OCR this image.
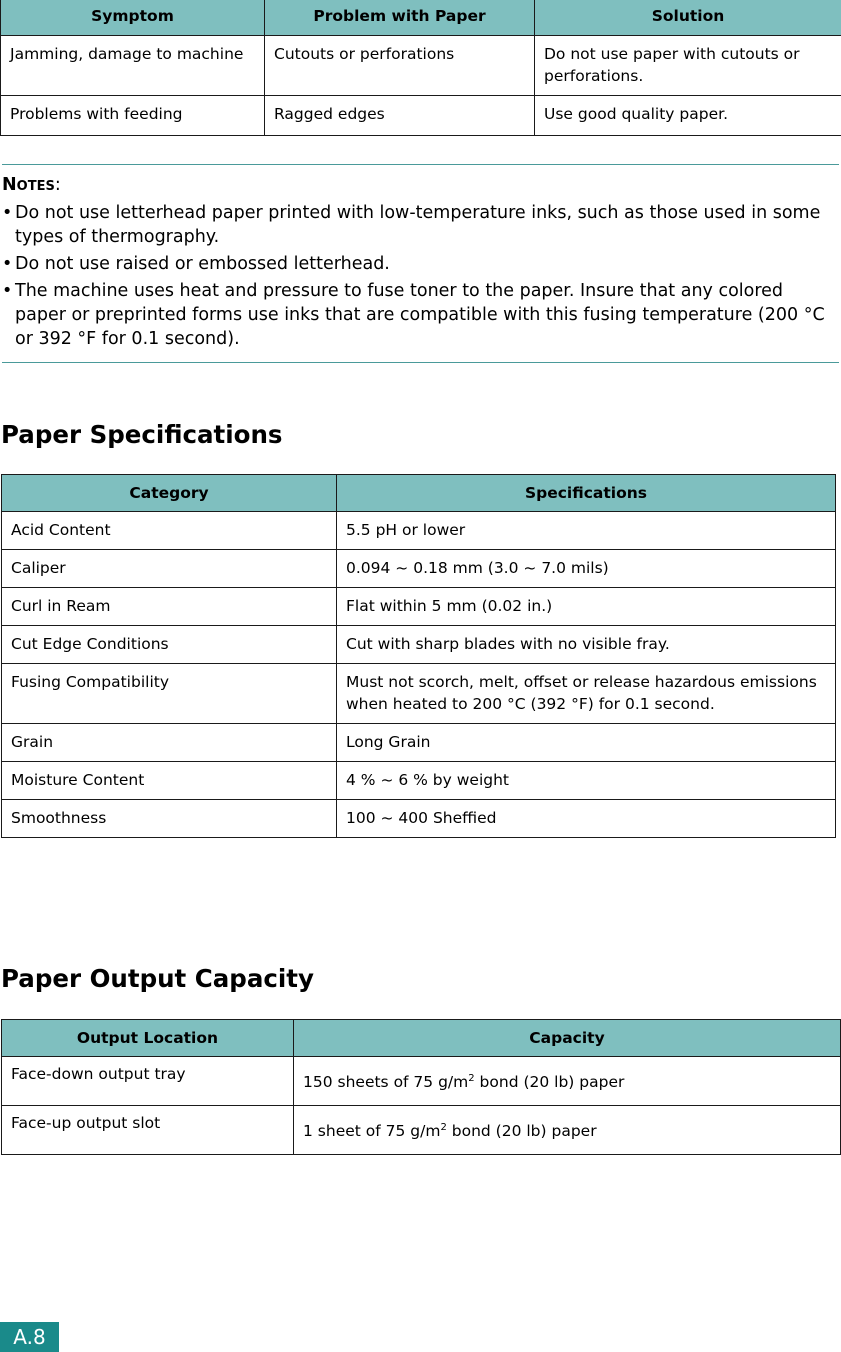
Symptom	Problem with Paper	Solution
Jamming, damage to machine	Cutouts or perforations	Do not use paper with cutouts or perforations.
Problems with feeding	Ragged edges	Use good quality paper.
NOTES:
• Do not use letterhead paper printed with low-temperature inks, such as those used in some types of thermography.
• Do not use raised or embossed letterhead.
• The machine uses heat and pressure to fuse toner to the paper. Insure that any colored paper or preprinted forms use inks that are compatible with this fusing temperature (200 °C or 392 °F for 0.1 second).
Paper Specifications
Category	Specifications
Acid Content	5.5 pH or lower
Caliper	0.094 ~ 0.18 mm (3.0 ~ 7.0 mils)
Curl in Ream	Flat within 5 mm (0.02 in.)
Cut Edge Conditions	Cut with sharp blades with no visible fray.
Fusing Compatibility	Must not scorch, melt, offset or release hazardous emissions when heated to 200 °C (392 °F) for 0.1 second.
Grain	Long Grain
Moisture Content	4 % ~ 6 % by weight
Smoothness	100 ~ 400 Sheffied
Paper Output Capacity
Output Location	Capacity
Face-down output tray	150 sheets of 75 $g/m^2$ bond (20 lb) paper
Face-up output slot	1 sheet of 75 $g/m^2$ bond (20 lb) paper
A.8
